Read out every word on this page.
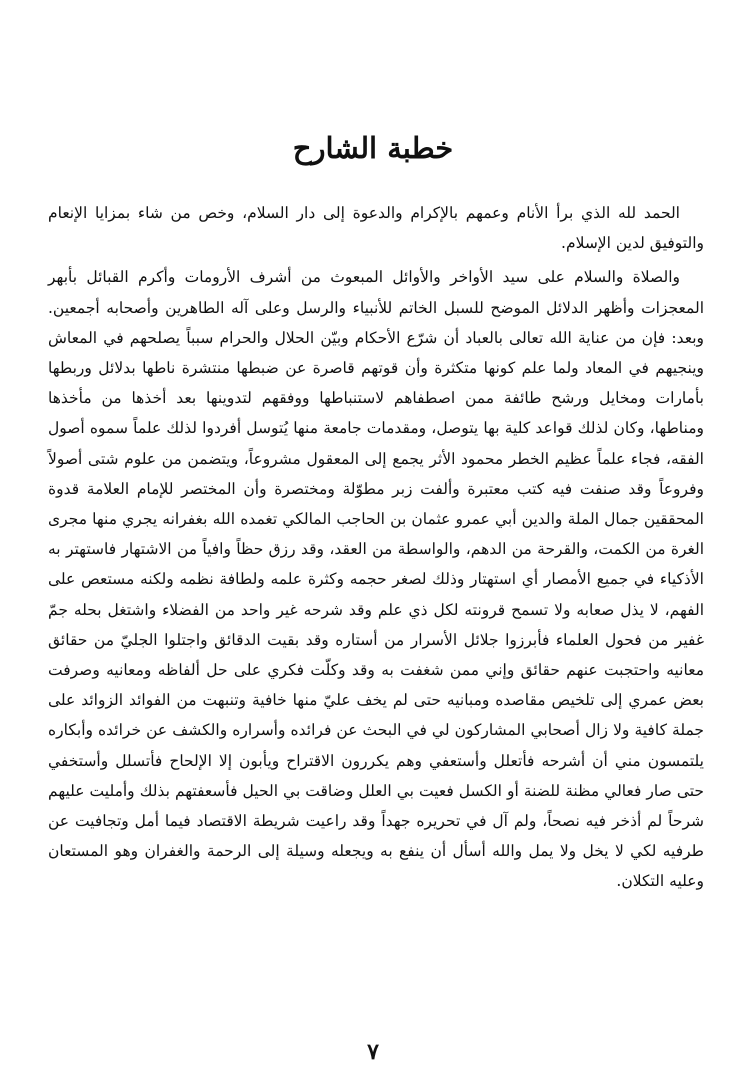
خطبة الشارح

الحمد لله الذي برأ الأنام وعمهم بالإكرام والدعوة إلى دار السلام، وخص من شاء بمزايا الإنعام والتوفيق لدين الإسلام.

والصلاة والسلام على سيد الأواخر والأوائل المبعوث من أشرف الأرومات وأكرم القبائل بأبهر المعجزات وأظهر الدلائل الموضح للسبل الخاتم للأنبياء والرسل وعلى آله الطاهرين وأصحابه أجمعين. وبعد: فإن من عناية الله تعالى بالعباد أن شرّع الأحكام وبيّن الحلال والحرام سبباً يصلحهم في المعاش وينجيهم في المعاد ولما علم كونها متكثرة وأن قوتهم قاصرة عن ضبطها منتشرة ناطها بدلائل وربطها بأمارات ومخايل ورشح طائفة ممن اصطفاهم لاستنباطها ووفقهم لتدوينها بعد أخذها من مأخذها ومناطها، وكان لذلك قواعد كلية بها يتوصل، ومقدمات جامعة منها يُتوسل أفردوا لذلك علماً سموه أصول الفقه، فجاء علماً عظيم الخطر محمود الأثر يجمع إلى المعقول مشروعاً، ويتضمن من علوم شتى أصولاً وفروعاً وقد صنفت فيه كتب معتبرة وألفت زبر مطوّلة ومختصرة وأن المختصر للإمام العلامة قدوة المحققين جمال الملة والدين أبي عمرو عثمان بن الحاجب المالكي تغمده الله بغفرانه يجري منها مجرى الغرة من الكمت، والقرحة من الدهم، والواسطة من العقد، وقد رزق حظاً وافياً من الاشتهار فاستهتر به الأذكياء في جميع الأمصار أي استهتار وذلك لصغر حجمه وكثرة علمه ولطافة نظمه ولكنه مستعص على الفهم، لا يذل صعابه ولا تسمح قرونته لكل ذي علم وقد شرحه غير واحد من الفضلاء واشتغل بحله جمّ غفير من فحول العلماء فأبرزوا جلائل الأسرار من أستاره وقد بقيت الدقائق واجتلوا الجليّ من حقائق معانيه واحتجبت عنهم حقائق وإني ممن شغفت به وقد وكلّت فكري على حل ألفاظه ومعانيه وصرفت بعض عمري إلى تلخيص مقاصده ومبانيه حتى لم يخف عليّ منها خافية وتنبهت من الفوائد الزوائد على جملة كافية ولا زال أصحابي المشاركون لي في البحث عن فرائده وأسراره والكشف عن خرائده وأبكاره يلتمسون مني أن أشرحه فأتعلل وأستعفي وهم يكررون الاقتراح ويأبون إلا الإلحاح فأتسلل وأستخفي حتى صار فعالي مظنة للضنة أو الكسل فعيت بي العلل وضاقت بي الحيل فأسعفتهم بذلك وأمليت عليهم شرحاً لم أذخر فيه نصحاً، ولم آل في تحريره جهداً وقد راعيت شريطة الاقتصاد فيما أمل وتجافيت عن طرفيه لكي لا يخل ولا يمل والله أسأل أن ينفع به ويجعله وسيلة إلى الرحمة والغفران وهو المستعان وعليه التكلان.

٧
